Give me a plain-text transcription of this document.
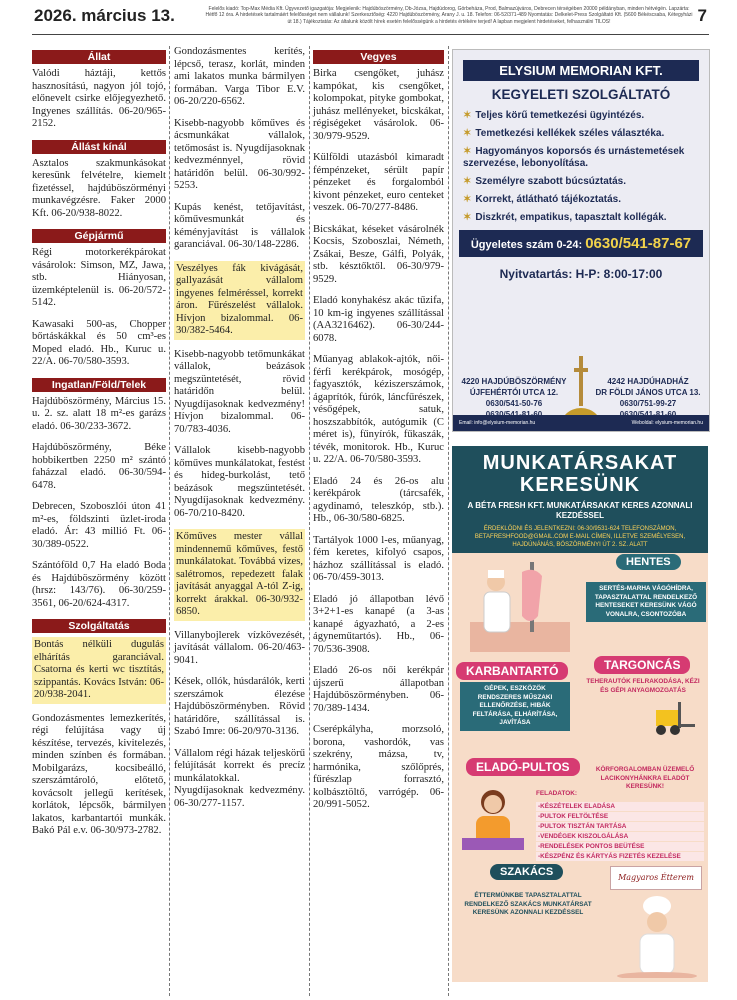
2026. március 13.	Felelős kiadó: Top-Max Média Kft. Ügyvezető igazgatója: Megjelenik: Hajdúböszörmény, Db-Józsa, Hajdúdorog, Görbeháza, Prod, Balmazújváros, Debrecen térségében 20000 példányban, minden hétvégén. Lapzárta: Hétfő 12 óra. A hirdetések tartalmáért felelősséget nem vállalunk! Szerkesztőség: 4220 Hajdúböszörmény, Arany J. u. 18. Telefon: 06-52/371-489 Nyomtatás: Delkelet-Press Szolgáltató Kft. (5600 Békéscsaba, Kétegyházi út 18.) Tájékoztatás: Az általunk közölt hírek esetén felelősségünk a hirdetés értékére terjed! A lapban megjelent hirdetéseket, felhasználni TILOS!	7
Állat

Valódi háztáji, kettős hasznosítású, nagyon jól tojó, előnevelt csirke előjegyezhető. Ingyenes szállítás. 06-20/965-2152.

Állást kínál

Asztalos szakmunkásokat keresünk felvételre, kiemelt fizetéssel, hajdúböszörményi munkavégzésre. Faker 2000 Kft. 06-20/938-8022.

Gépjármű

Régi motorkerékpárokat vásárolok: Simson, MZ, Jawa, stb. Hiányosan, üzemképtelenül is. 06-20/572-5142.

Kawasaki 500-as, Chopper bőrtáskákkal és 50 cm³-es Moped eladó. Hb., Kuruc u. 22/A. 06-70/580-3593.

Ingatlan/Föld/Telek

Hajdúböszörmény, Március 15. u. 2. sz. alatt 18 m²-es garázs eladó. 06-30/233-3672.

Hajdúböszörmény, Béke hobbikertben 2250 m² szántó faházzal eladó. 06-30/594-6478.

Debrecen, Szoboszlói úton 41 m²-es, földszinti üzlet-iroda eladó. Ár: 43 millió Ft. 06-30/389-0522.

Szántóföld 0,7 Ha eladó Boda és Hajdúböszörmény között (hrsz: 143/76). 06-30/259-3561, 06-20/624-4317.

Szolgáltatás

Bontás nélküli dugulás elhárítás garanciával. Csatorna és kerti wc tisztítás, szippantás. Kovács István: 06-20/938-2041.

Gondozásmentes lemezkerítés, régi felújítása vagy új készítése, tervezés, kivitelezés, minden színben és formában. Mobilgarázs, kocsibeálló, szerszámtároló, előtető, kovácsolt jellegű kerítések, korlátok, lépcsők, bármilyen lakatos, karbantartói munkák. Bakó Pál e.v. 06-30/973-2782.

Gondozásmentes kerítés, lépcső, terasz, korlát, minden ami lakatos munka bármilyen formában. Varga Tibor E.V. 06-20/220-6562.

Kisebb-nagyobb kőműves és ácsmunkákat vállalok, tetőmosást is. Nyugdíjasoknak kedvezménnyel, rövid határidőn belül. 06-30/992-5253.

Kupás kenést, tetőjavítást, kőművesmunkát és kéményjavítást is vállalok garanciával. 06-30/148-2286.

Veszélyes fák kivágását, gallyazását vállalom ingyenes felméréssel, korrekt áron. Fűrészelést vállalok. Hívjon bizalommal. 06-30/382-5464.

Kisebb-nagyobb tetőmunkákat vállalok, beázások megszüntetését, rövid határidőn belül. Nyugdíjasoknak kedvezmény! Hívjon bizalommal. 06-70/783-4036.

Vállalok kisebb-nagyobb kőműves munkálatokat, festést és hideg-burkolást, tető beázások megszüntetését. Nyugdíjasoknak kedvezmény. 06-70/210-8420.

Kőműves mester vállal mindennemű kőműves, festő munkálatokat. Továbbá vizes, salétromos, repedezett falak javítását anyaggal A-tól Z-ig, korrekt árakkal. 06-30/932-6850.

Villanybojlerek vízkövezését, javítását vállalom. 06-20/463-9041.

Kések, ollók, húsdarálók, kerti szerszámok élezése Hajdúböszörményben. Rövid határidőre, szállítással is. Szabó Imre: 06-20/970-3136.

Vállalom régi házak teljeskörű felújítását korrekt és precíz munkálatokkal. Nyugdíjasoknak kedvezmény. 06-30/277-1157.

Vegyes

Birka csengőket, juhász kampókat, kis csengőket, kolompokat, pityke gombokat, juhász mellényeket, bicskákat, régiségeket vásárolok. 06-30/979-9529.

Külföldi utazásból kimaradt fémpénzeket, sérült papír pénzeket és forgalomból kivont pénzeket, euro centeket veszek. 06-70/277-8486.

Bicskákat, késeket vásárolnék Kocsis, Szoboszlai, Németh, Zsákai, Besze, Gálfi, Polyák, stb. késztőktől. 06-30/979-9529.

Eladó konyhakész akác tűzifa, 10 km-ig ingyenes szállítással (AA3216462). 06-30/244-6078.

Műanyag ablakok-ajtók, női-férfi kerékpárok, mosógép, fagyasztók, kéziszerszámok, ágaprítók, fúrók, láncfűrészek, vésőgépek, satuk, hoszszabbítók, autógumik (C méret is), fűnyírók, fűkaszák, tévék, monitorok. Hb., Kuruc u. 22/A. 06-70/580-3593.

Eladó 24 és 26-os alu kerékpárok (tárcsafék, agydinamó, teleszkóp, stb.). Hb., 06-30/580-6825.

Tartályok 1000 l-es, műanyag, fém keretes, kifolyó csapos, házhoz szállítással is eladó. 06-70/459-3013.

Eladó jó állapotban lévő 3+2+1-es kanapé (a 3-as kanapé ágyazható, a 2-es ágyneműtartós). Hb., 06-70/536-3908.

Eladó 26-os női kerékpár újszerű állapotban Hajdúböszörményben. 06-70/389-1434.

Cserépkályha, morzsoló, borona, vashordók, vas szekrény, mázsa, tv, harmónika, szőlőprés, fűrészlap forrasztó, kolbásztöltő, varrógép. 06-20/991-5052.

ELYSIUM MEMORIAN KFT.
KEGYELETI SZOLGÁLTATÓ
✶ Teljes körű temetkezési ügyintézés.
✶ Temetkezési kellékek széles választéka.
✶ Hagyományos koporsós és urnástemetések szervezése, lebonyolítása.
✶ Személyre szabott búcsúztatás.
✶ Korrekt, átlátható tájékoztatás.
✶ Diszkrét, empatikus, tapasztalt kollégák.
Ügyeletes szám 0-24: 0630/541-87-67
Nyitvatartás: H-P: 8:00-17:00
4220 HAJDÚBÖSZÖRMÉNY
ÚJFEHÉRTÓI UTCA 12.
0630/541-50-76
4242 HAJDÚHADHÁZ
DR FÖLDI JÁNOS UTCA 13.
0630/751-99-27
Email: info@elysium-memorian.hu	Weboldal: elysium-memorian.hu
MUNKATÁRSAKAT
KERESÜNK
A BÉTA FRESH KFT. MUNKATÁRSAKAT KERES AZONNALI KEZDÉSSEL
ÉRDEKLŐDNI ÉS JELENTKEZNI: 06-30/9531-624 TELEFONSZÁMON, BETAFRESHFOOD@GMAIL.COM E-MAIL CÍMEN, ILLETVE SZEMÉLYESEN, HAJDÚNÁNÁS, BÖSZÖRMÉNYI ÚT 2. SZ. ALATT
HENTES
SERTÉS-MARHA VÁGÓHÍDRA, TAPASZTALATTAL RENDELKEZŐ HENTESEKET KERESÜNK VÁGÓ VONALRA, CSONTOZÓBA
KARBANTARTÓ
GÉPEK, ESZKÖZÖK RENDSZERES MŰSZAKI ELLENŐRZÉSE, HIBÁK FELTÁRÁSA, ELHÁRÍTÁSA, JAVÍTÁSA
TARGONCÁS
TEHERAUTÓK FELRAKODÁSA, KÉZI ÉS GÉPI ANYAGMOZGATÁS
ELADÓ-PULTOS	KÖRFORGALOMBAN ÜZEMELŐ LACIKONYHÁNKRA ELADÓT KERESÜNK!
FELADATOK:
-KÉSZÉTELEK ELADÁSA
-PULTOK FELTÖLTÉSE
-PULTOK TISZTÁN TARTÁSA
-VENDÉGEK KISZOLGÁLÁSA
-RENDELÉSEK PONTOS BEÜTÉSE
-KÉSZPÉNZ ÉS KÁRTYÁS FIZETÉS KEZELÉSE
SZAKÁCS
ÉTTERMÜNKBE TAPASZTALATTAL RENDELKEZŐ SZAKÁCS MUNKATÁRSAT KERESÜNK AZONNALI KEZDÉSSEL
Magyaros Étterem
